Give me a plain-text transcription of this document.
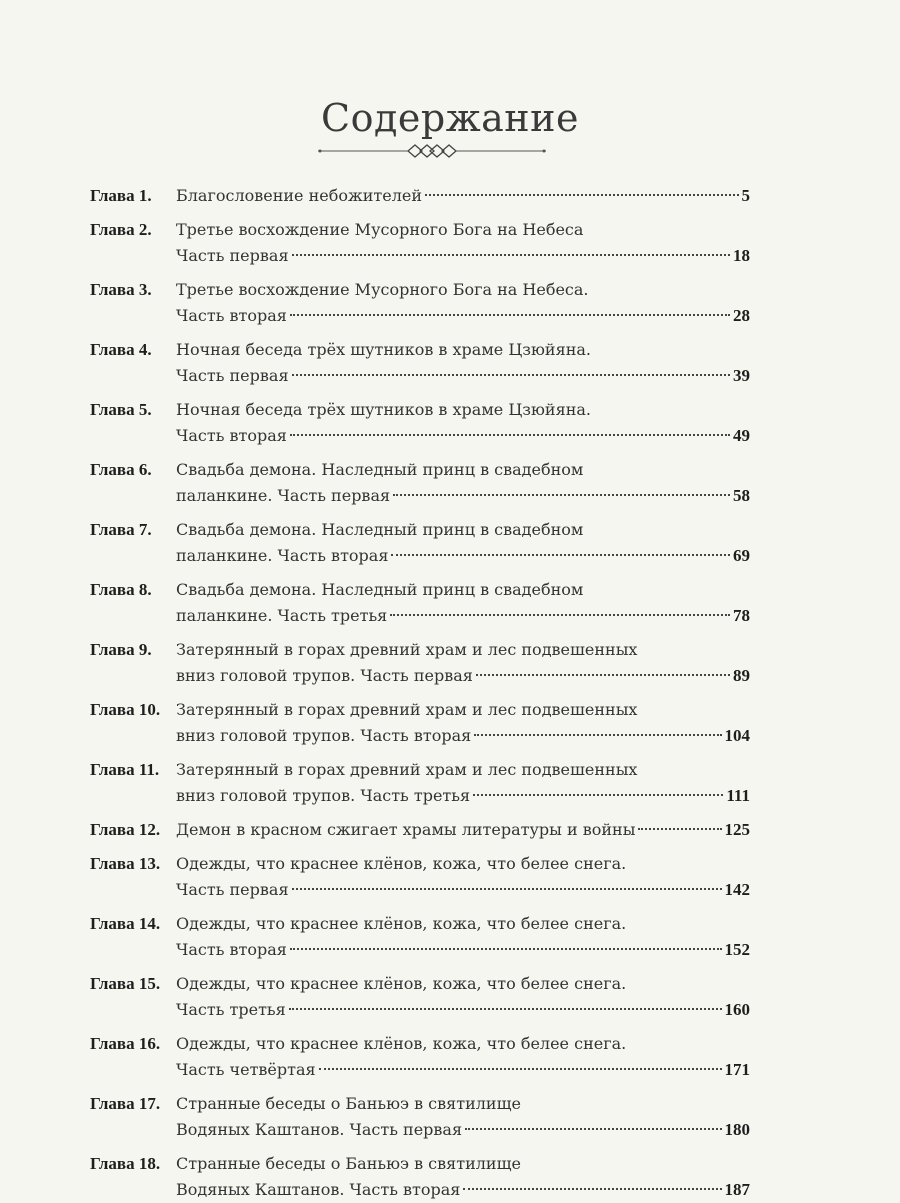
Содержание
Глава 1.	Благословение небожителей	5
Глава 2.	Третье восхождение Мусорного Бога на Небеса
Часть первая	18
Глава 3.	Третье восхождение Мусорного Бога на Небеса.
Часть вторая	28
Глава 4.	Ночная беседа трёх шутников в храме Цзюйяна.
Часть первая	39
Глава 5.	Ночная беседа трёх шутников в храме Цзюйяна.
Часть вторая	49
Глава 6.	Свадьба демона. Наследный принц в свадебном
паланкине. Часть первая	58
Глава 7.	Свадьба демона. Наследный принц в свадебном
паланкине. Часть вторая	69
Глава 8.	Свадьба демона. Наследный принц в свадебном
паланкине. Часть третья	78
Глава 9.	Затерянный в горах древний храм и лес подвешенных
вниз головой трупов. Часть первая	89
Глава 10. Затерянный в горах древний храм и лес подвешенных
вниз головой трупов. Часть вторая	104
Глава 11.	Затерянный в горах древний храм и лес подвешенных
вниз головой трупов. Часть третья	111
Глава 12. Демон в красном сжигает храмы литературы и войны	125
Глава 13. Одежды, что краснее клёнов, кожа, что белее снега.
Часть первая	142
Глава 14. Одежды, что краснее клёнов, кожа, что белее снега.
Часть вторая	152
Глава 15. Одежды, что краснее клёнов, кожа, что белее снега.
Часть третья	160
Глава 16. Одежды, что краснее клёнов, кожа, что белее снега.
Часть четвёртая	171
Глава 17. Странные беседы о Баньюэ в святилище
Водяных Каштанов. Часть первая	180
Глава 18. Странные беседы о Баньюэ в святилище
Водяных Каштанов. Часть вторая	187
